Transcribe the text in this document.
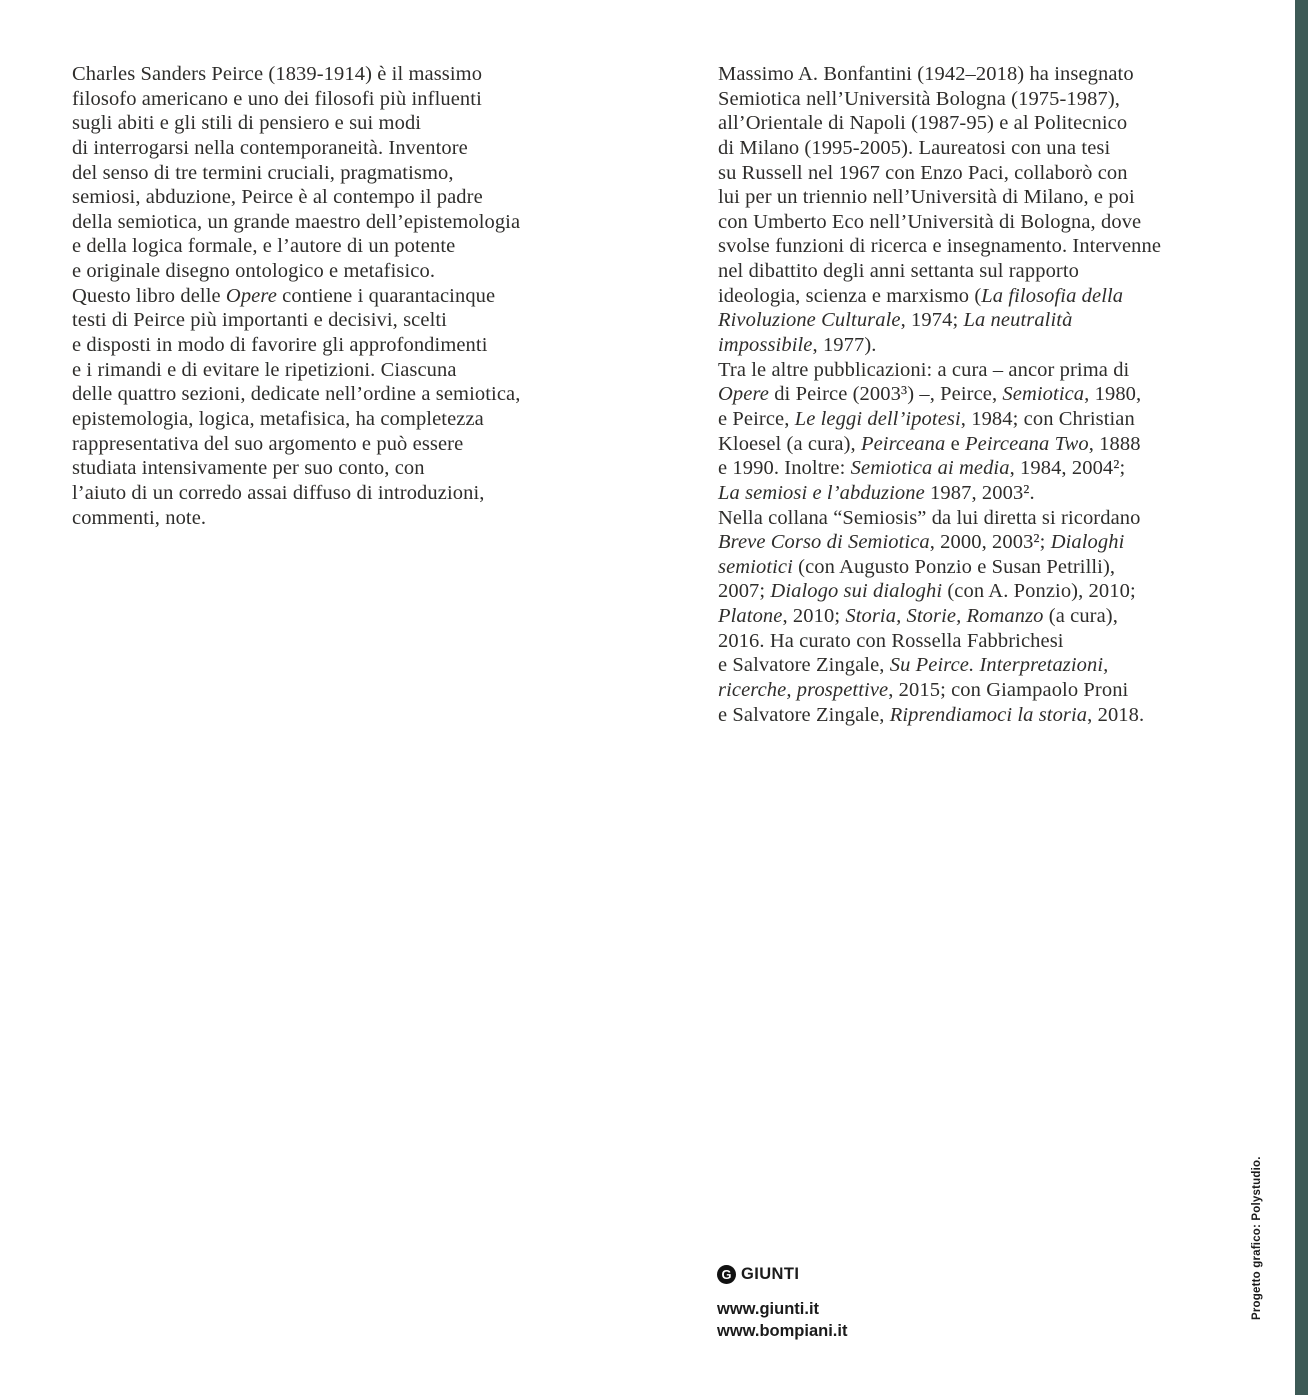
Charles Sanders Peirce (1839-1914) è il massimo
filosofo americano e uno dei filosofi più influenti
sugli abiti e gli stili di pensiero e sui modi
di interrogarsi nella contemporaneità. Inventore
del senso di tre termini cruciali, pragmatismo,
semiosi, abduzione, Peirce è al contempo il padre
della semiotica, un grande maestro dell’epistemologia
e della logica formale, e l’autore di un potente
e originale disegno ontologico e metafisico.
Questo libro delle Opere contiene i quarantacinque
testi di Peirce più importanti e decisivi, scelti
e disposti in modo di favorire gli approfondimenti
e i rimandi e di evitare le ripetizioni. Ciascuna
delle quattro sezioni, dedicate nell’ordine a semiotica,
epistemologia, logica, metafisica, ha completezza
rappresentativa del suo argomento e può essere
studiata intensivamente per suo conto, con
l’aiuto di un corredo assai diffuso di introduzioni,
commenti, note.
Massimo A. Bonfantini (1942–2018) ha insegnato
Semiotica nell’Università Bologna (1975-1987),
all’Orientale di Napoli (1987-95) e al Politecnico
di Milano (1995-2005). Laureatosi con una tesi
su Russell nel 1967 con Enzo Paci, collaborò con
lui per un triennio nell’Università di Milano, e poi
con Umberto Eco nell’Università di Bologna, dove
svolse funzioni di ricerca e insegnamento. Intervenne
nel dibattito degli anni settanta sul rapporto
ideologia, scienza e marxismo (La filosofia della
Rivoluzione Culturale, 1974; La neutralità
impossibile, 1977).
Tra le altre pubblicazioni: a cura – ancor prima di
Opere di Peirce (2003³) –, Peirce, Semiotica, 1980,
e Peirce, Le leggi dell’ipotesi, 1984; con Christian
Kloesel (a cura), Peirceana e Peirceana Two, 1888
e 1990. Inoltre: Semiotica ai media, 1984, 2004²;
La semiosi e l’abduzione 1987, 2003².
Nella collana “Semiosis” da lui diretta si ricordano
Breve Corso di Semiotica, 2000, 2003²; Dialoghi
semiotici (con Augusto Ponzio e Susan Petrilli),
2007; Dialogo sui dialoghi (con A. Ponzio), 2010;
Platone, 2010; Storia, Storie, Romanzo (a cura),
2016. Ha curato con Rossella Fabbrichesi
e Salvatore Zingale, Su Peirce. Interpretazioni,
ricerche, prospettive, 2015; con Giampaolo Proni
e Salvatore Zingale, Riprendiamoci la storia, 2018.
G GIUNTI
www.giunti.it
www.bompiani.it
Progetto grafico: Polystudio.
